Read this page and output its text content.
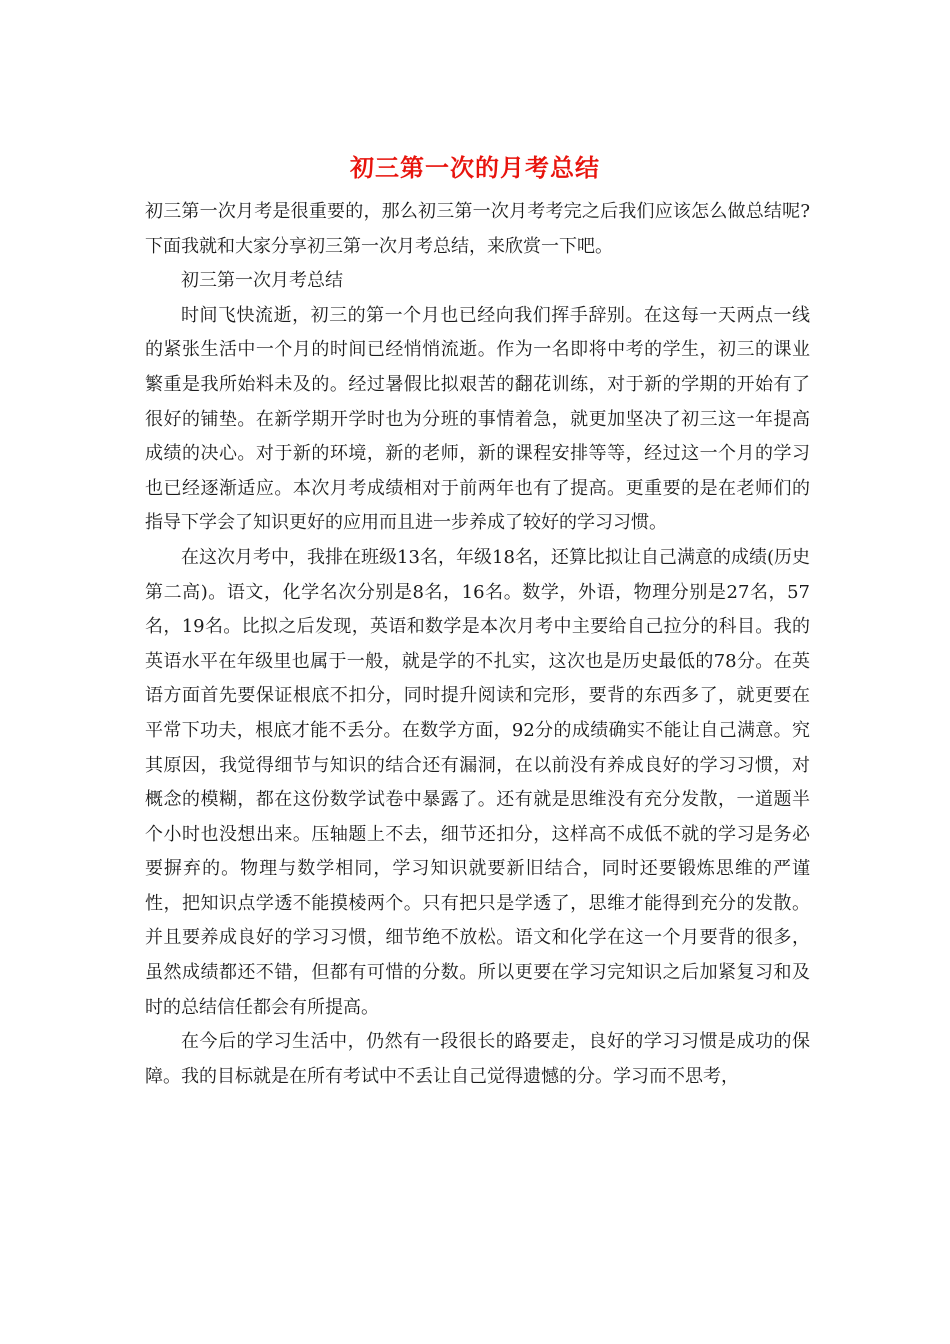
初三第一次的月考总结

初三第一次月考是很重要的，那么初三第一次月考考完之后我们应该怎么做总结呢?下面我就和大家分享初三第一次月考总结，来欣赏一下吧。

初三第一次月考总结

时间飞快流逝，初三的第一个月也已经向我们挥手辞别。在这每一天两点一线的紧张生活中一个月的时间已经悄悄流逝。作为一名即将中考的学生，初三的课业繁重是我所始料未及的。经过暑假比拟艰苦的翻花训练，对于新的学期的开始有了很好的铺垫。在新学期开学时也为分班的事情着急，就更加坚决了初三这一年提高成绩的决心。对于新的环境，新的老师，新的课程安排等等，经过这一个月的学习也已经逐渐适应。本次月考成绩相对于前两年也有了提高。更重要的是在老师们的指导下学会了知识更好的应用而且进一步养成了较好的学习习惯。

在这次月考中，我排在班级13名，年级18名，还算比拟让自己满意的成绩(历史第二高)。语文，化学名次分别是8名，16名。数学，外语，物理分别是27名，57名，19名。比拟之后发现，英语和数学是本次月考中主要给自己拉分的科目。我的英语水平在年级里也属于一般，就是学的不扎实，这次也是历史最低的78分。在英语方面首先要保证根底不扣分，同时提升阅读和完形，要背的东西多了，就更要在平常下功夫，根底才能不丢分。在数学方面，92分的成绩确实不能让自己满意。究其原因，我觉得细节与知识的结合还有漏洞，在以前没有养成良好的学习习惯，对概念的模糊，都在这份数学试卷中暴露了。还有就是思维没有充分发散，一道题半个小时也没想出来。压轴题上不去，细节还扣分，这样高不成低不就的学习是务必要摒弃的。物理与数学相同，学习知识就要新旧结合，同时还要锻炼思维的严谨性，把知识点学透不能摸棱两个。只有把只是学透了，思维才能得到充分的发散。并且要养成良好的学习习惯，细节绝不放松。语文和化学在这一个月要背的很多，虽然成绩都还不错，但都有可惜的分数。所以更要在学习完知识之后加紧复习和及时的总结信任都会有所提高。

在今后的学习生活中，仍然有一段很长的路要走，良好的学习习惯是成功的保障。我的目标就是在所有考试中不丢让自己觉得遗憾的分。学习而不思考，
